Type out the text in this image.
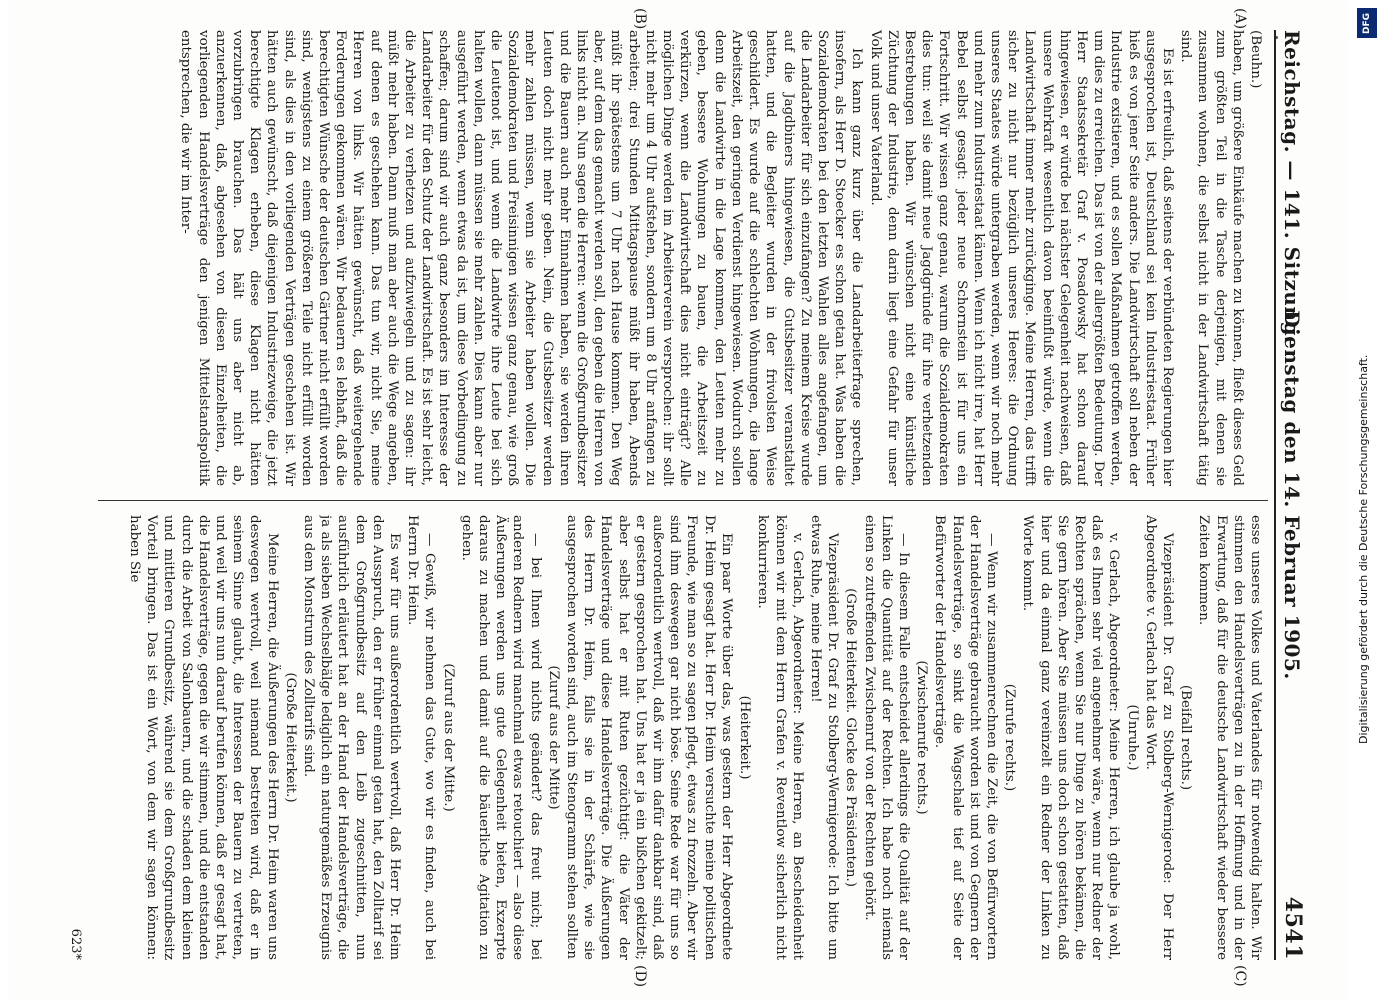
Reichstag. — 141. Sitzung.
Dienstag den 14. Februar 1905.
4541
(A)
(B)
(C)
(D)

(Beuhn.)

haben, um größere Einkäufe machen zu können, fließt dieses Geld zum größten Teil in die Tasche derjenigen, mit denen sie zusammen wohnen, die selbst nicht in der Landwirtschaft tätig sind.

Es ist erfreulich, daß seitens der verbündeten Regierungen hier ausgesprochen ist, Deutschland sei kein Industriestaat. Früher hieß es von jener Seite anders. Die Landwirtschaft soll neben der Industrie existieren, und es sollen Maßnahmen getroffen werden, um dies zu erreichen. Das ist von der allergrößten Bedeutung. Der Herr Staatssekretär Graf v. Posadowsky hat schon darauf hingewiesen, er würde bei nächster Gelegenheit nachweisen, daß unsere Wehrkraft wesentlich davon beeinflußt würde, wenn die Landwirtschaft immer mehr zurückginge. Meine Herren, das trifft sicher zu nicht nur bezüglich unseres Heeres: die Ordnung unseres Staates würde untergraben werden, wenn wir noch mehr und mehr zum Industriestaat kämen. Wenn ich nicht irre, hat Herr Bebel selbst gesagt: jeder neue Schornstein ist für uns ein Fortschritt. Wir wissen ganz genau, warum die Sozialdemokraten dies tun: weil sie damit neue Jagdgründe für ihre verhetzenden Bestrebungen haben. Wir wünschen nicht eine künstliche Züchtung der Industrie, denn darin liegt eine Gefahr für unser Volk und unser Vaterland.

Ich kann ganz kurz über die Landarbeiterfrage sprechen, insofern, als Herr D. Stoecker es schon getan hat. Was haben die Sozialdemokraten bei den letzten Wahlen alles angefangen, um die Landarbeiter für sich einzufangen? Zu meinem Kreise wurde auf die Jagdbiners hingewiesen, die Gutsbesitzer veranstaltet hatten, und die Begleiter wurden in der frivolsten Weise geschildert. Es wurde auf die schlechten Wohnungen, die lange Arbeitszeit, den geringen Verdienst hingewiesen. Wodurch sollen denn die Landwirte in die Lage kommen, den Leuten mehr zu geben, bessere Wohnungen zu bauen, die Arbeitszeit zu verkürzen, wenn die Landwirtschaft dies nicht einträgt? Alle möglichen Dinge werden im Arbeiterverein versprochen: ihr sollt nicht mehr um 4 Uhr aufstehen, sondern um 8 Uhr anfangen zu arbeiten; drei Stunden Mittagspause müßt ihr haben, Abends müßt ihr spätestens um 7 Uhr nach Hause kommen. Den Weg aber, auf dem das gemacht werden soll, den geben die Herren von links nicht an. Nun sagen die Herren: wenn die Großgrundbesitzer und die Bauern auch mehr Einnahmen haben, sie werden ihren Leuten doch nicht mehr geben. Nein, die Gutsbesitzer werden mehr zahlen müssen, wenn sie Arbeiter haben wollen. Die Sozialdemokraten und Freisinnigen wissen ganz genau, wie groß die Leutenot ist, und wenn die Landwirte ihre Leute bei sich halten wollen, dann müssen sie mehr zahlen. Dies kann aber nur ausgeführt werden, wenn etwas da ist, um diese Vorbedingung zu schaffen; darum sind wir auch ganz besonders im Interesse der Landarbeiter für den Schutz der Landwirtschaft. Es ist sehr leicht, die Arbeiter zu verhetzen und aufzuwiegeln und zu sagen: ihr müßt mehr haben. Dann muß man aber auch die Wege angeben, auf denen es geschehen kann. Das tun wir, nicht Sie, meine Herren von links. Wir hätten gewünscht, daß weitergehende Forderungen gekommen wären. Wir bedauern es lebhaft, daß die berechtigten Wünsche der deutschen Gärtner nicht erfüllt worden sind, wenigstens zu einem größeren Teile nicht erfüllt worden sind, als dies in den vorliegenden Verträgen geschehen ist. Wir hätten auch gewünscht, daß diejenigen Industriezweige, die jetzt berechtigte Klagen erheben, diese Klagen nicht hätten vorzubringen brauchen. Das hält uns aber nicht ab, anzuerkennen, daß, abgesehen von diesen Einzelheiten, die vorliegenden Handelsverträge den jenigen Mittelstandspolitik entsprechen, die wir im Inter-

esse unseres Volkes und Vaterlandes für notwendig halten. Wir stimmen den Handelsverträgen zu in der Hoffnung und in der Erwartung, daß für die deutsche Landwirtschaft wieder bessere Zeiten kommen.

(Beifall rechts.)

Vizepräsident Dr. Graf zu Stolberg-Wernigerode: Der Herr Abgeordnete v. Gerlach hat das Wort.

(Unruhe.)

v. Gerlach, Abgeordneter: Meine Herren, ich glaube ja wohl, daß es Ihnen sehr viel angenehmer wäre, wenn nur Redner der Rechten sprächen, wenn Sie nur Dinge zu hören bekämen, die Sie gern hören. Aber Sie müssen uns doch schon gestatten, daß hier und da einmal ganz vereinzelt ein Redner der Linken zu Worte kommt.

(Zurufe rechts.)

— Wenn wir zusammenrechnen die Zeit, die von Befürwortern der Handelsverträge gebraucht worden ist und von Gegnern der Handelsverträge, so sinkt die Wagschale tief auf Seite der Befürworter der Handelsverträge.

(Zwischenrufe rechts.)

— In diesem Falle entscheidet allerdings die Qualität auf der Linken die Quantität auf der Rechten. Ich habe noch niemals einen so zutreffenden Zwischenruf von der Rechten gehört.

(Große Heiterkeit. Glocke des Präsidenten.)

Vizepräsident Dr. Graf zu Stolberg-Wernigerode: Ich bitte um etwas Ruhe, meine Herren!

v. Gerlach, Abgeordneter: Meine Herren, an Bescheidenheit können wir mit dem Herrn Grafen v. Reventlow sicherlich nicht konkurrieren.

(Heiterkeit.)

Ein paar Worte über das, was gestern der Herr Abgeordnete Dr. Heim gesagt hat. Herr Dr. Heim versuchte meine politischen Freunde, wie man so zu sagen pflegt, etwas zu frozzeln. Aber wir sind ihm deswegen gar nicht böse. Seine Rede war für uns so außerordentlich wertvoll, daß wir ihm dafür dankbar sind, daß er gestern gesprochen hat. Uns hat er ja ein bißchen gekitzelt; aber selbst hat er mit Ruten gezüchtigt: die Väter der Handelsverträge und diese Handelsverträge. Die Äußerungen des Herrn Dr. Heim, falls sie in der Schärfe, wie sie ausgesprochen worden sind, auch im Stenogramm stehen sollten

(Zuruf aus der Mitte)

— bei Ihnen wird nichts geändert? das freut mich; bei anderen Rednern wird manchmal etwas retouchiert — also diese Äußerungen werden uns gute Gelegenheit bieten, Exzerpte daraus zu machen und damit auf die bäuerliche Agitation zu gehen.

(Zuruf aus der Mitte.)

— Gewiß, wir nehmen das Gute, wo wir es finden, auch bei Herrn Dr. Heim.

Es war für uns außerordentlich wertvoll, daß Herr Dr. Heim den Ausspruch, den er früher einmal getan hat, den Zolltarif sei dem Großgrundbesitz auf den Leib zugeschnitten, nun ausführlich erläutert hat an der Hand der Handelsverträge, die ja als sieben Wechselbälge lediglich ein naturgemäßes Erzeugnis aus dem Monstrum des Zolltarifs sind.

(Große Heiterkeit.)

Meine Herren, die Äußerungen des Herrn Dr. Heim waren uns deswegen wertvoll, weil niemand bestreiten wird, daß er in seinem Sinne glaubt, die Interessen der Bauern zu vertreten, und weil wir uns nun darauf berufen können, daß er gesagt hat, die Handelsverträge, gegen die wir stimmen, und die entstanden durch die Arbeit von Salonbauern, und die schaden dem kleinen und mittleren Grundbesitz, während sie dem Großgrundbesitz Vorteil bringen. Das ist ein Wort, von dem wir sagen können: haben Sie

623*
DFG
Digitalisierung gefördert durch die Deutsche Forschungsgemeinschaft.
